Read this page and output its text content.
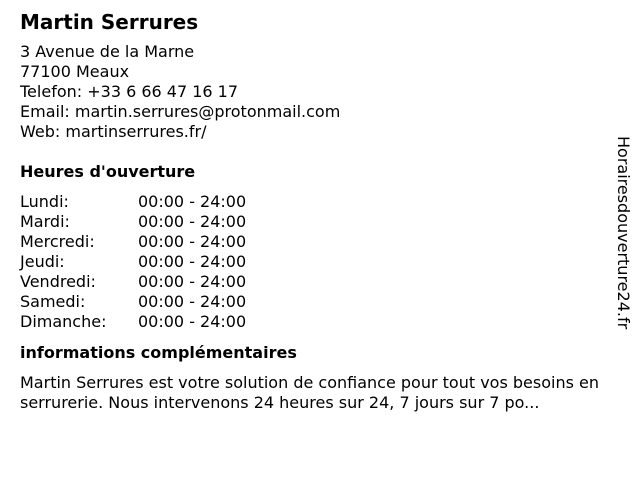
Martin Serrures
3 Avenue de la Marne
77100 Meaux
Telefon: +33 6 66 47 16 17
Email: martin.serrures@protonmail.com
Web: martinserrures.fr/
Heures d'ouverture
Lundi:	00:00 - 24:00
Mardi:	00:00 - 24:00
Mercredi:	00:00 - 24:00
Jeudi:	00:00 - 24:00
Vendredi:	00:00 - 24:00
Samedi:	00:00 - 24:00
Dimanche:	00:00 - 24:00
informations complémentaires
Martin Serrures est votre solution de confiance pour tout vos besoins en serrurerie. Nous intervenons 24 heures sur 24, 7 jours sur 7 po...
Horairesdouverture24.fr
